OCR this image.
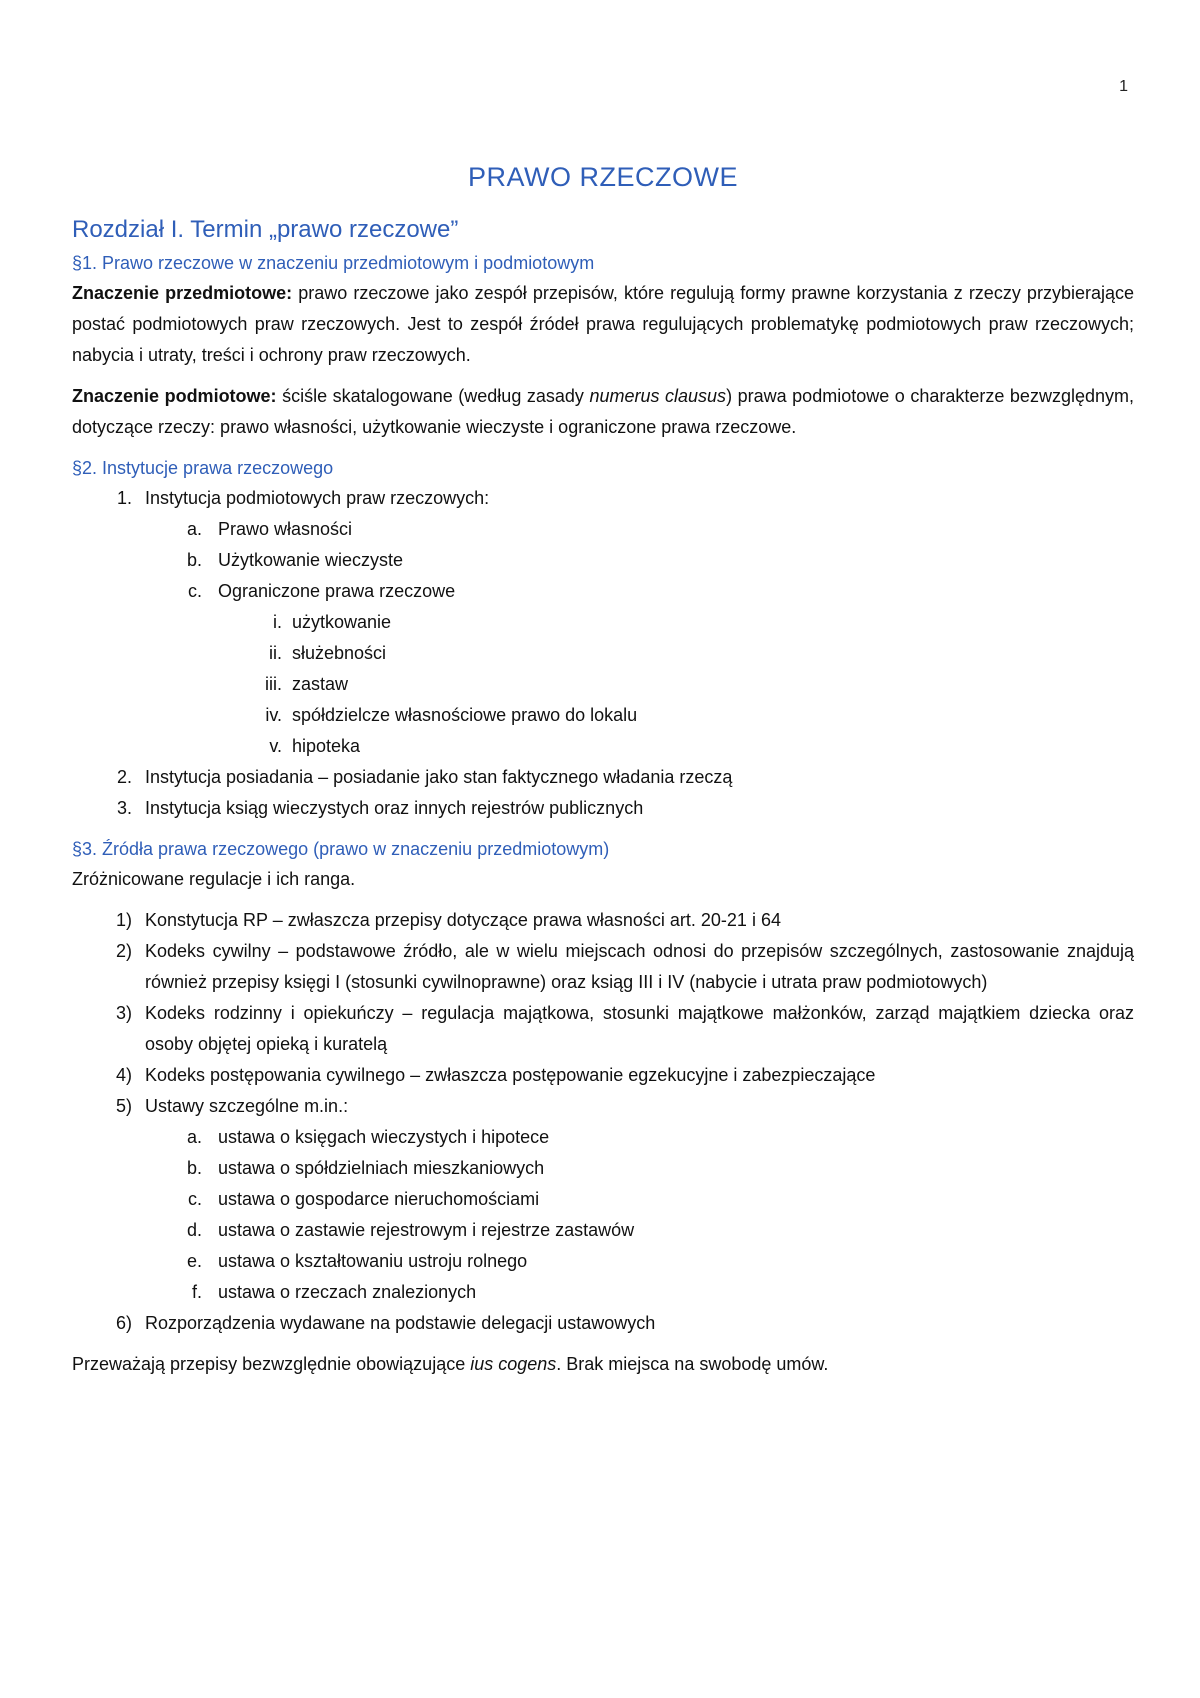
1
PRAWO RZECZOWE
Rozdział I. Termin „prawo rzeczowe”
§1. Prawo rzeczowe w znaczeniu przedmiotowym i podmiotowym

Znaczenie przedmiotowe: prawo rzeczowe jako zespół przepisów, które regulują formy prawne korzystania z rzeczy przybierające postać podmiotowych praw rzeczowych. Jest to zespół źródeł prawa regulujących problematykę podmiotowych praw rzeczowych; nabycia i utraty, treści i ochrony praw rzeczowych.

Znaczenie podmiotowe: ściśle skatalogowane (według zasady numerus clausus) prawa podmiotowe o charakterze bezwzględnym, dotyczące rzeczy: prawo własności, użytkowanie wieczyste i ograniczone prawa rzeczowe.

§2. Instytucje prawa rzeczowego
1. Instytucja podmiotowych praw rzeczowych:
a. Prawo własności
b. Użytkowanie wieczyste
c. Ograniczone prawa rzeczowe
i. użytkowanie
ii. służebności
iii. zastaw
iv. spółdzielcze własnościowe prawo do lokalu
v. hipoteka
2. Instytucja posiadania – posiadanie jako stan faktycznego władania rzeczą
3. Instytucja ksiąg wieczystych oraz innych rejestrów publicznych
§3. Źródła prawa rzeczowego (prawo w znaczeniu przedmiotowym)

Zróżnicowane regulacje i ich ranga.

1) Konstytucja RP – zwłaszcza przepisy dotyczące prawa własności art. 20-21 i 64
2) Kodeks cywilny – podstawowe źródło, ale w wielu miejscach odnosi do przepisów szczególnych, zastosowanie znajdują również przepisy księgi I (stosunki cywilnoprawne) oraz ksiąg III i IV (nabycie i utrata praw podmiotowych)
3) Kodeks rodzinny i opiekuńczy – regulacja majątkowa, stosunki majątkowe małżonków, zarząd majątkiem dziecka oraz osoby objętej opieką i kuratelą
4) Kodeks postępowania cywilnego – zwłaszcza postępowanie egzekucyjne i zabezpieczające
5) Ustawy szczególne m.in.:
a. ustawa o księgach wieczystych i hipotece
b. ustawa o spółdzielniach mieszkaniowych
c. ustawa o gospodarce nieruchomościami
d. ustawa o zastawie rejestrowym i rejestrze zastawów
e. ustawa o kształtowaniu ustroju rolnego
f. ustawa o rzeczach znalezionych
6) Rozporządzenia wydawane na podstawie delegacji ustawowych

Przeważają przepisy bezwzględnie obowiązujące ius cogens. Brak miejsca na swobodę umów.
